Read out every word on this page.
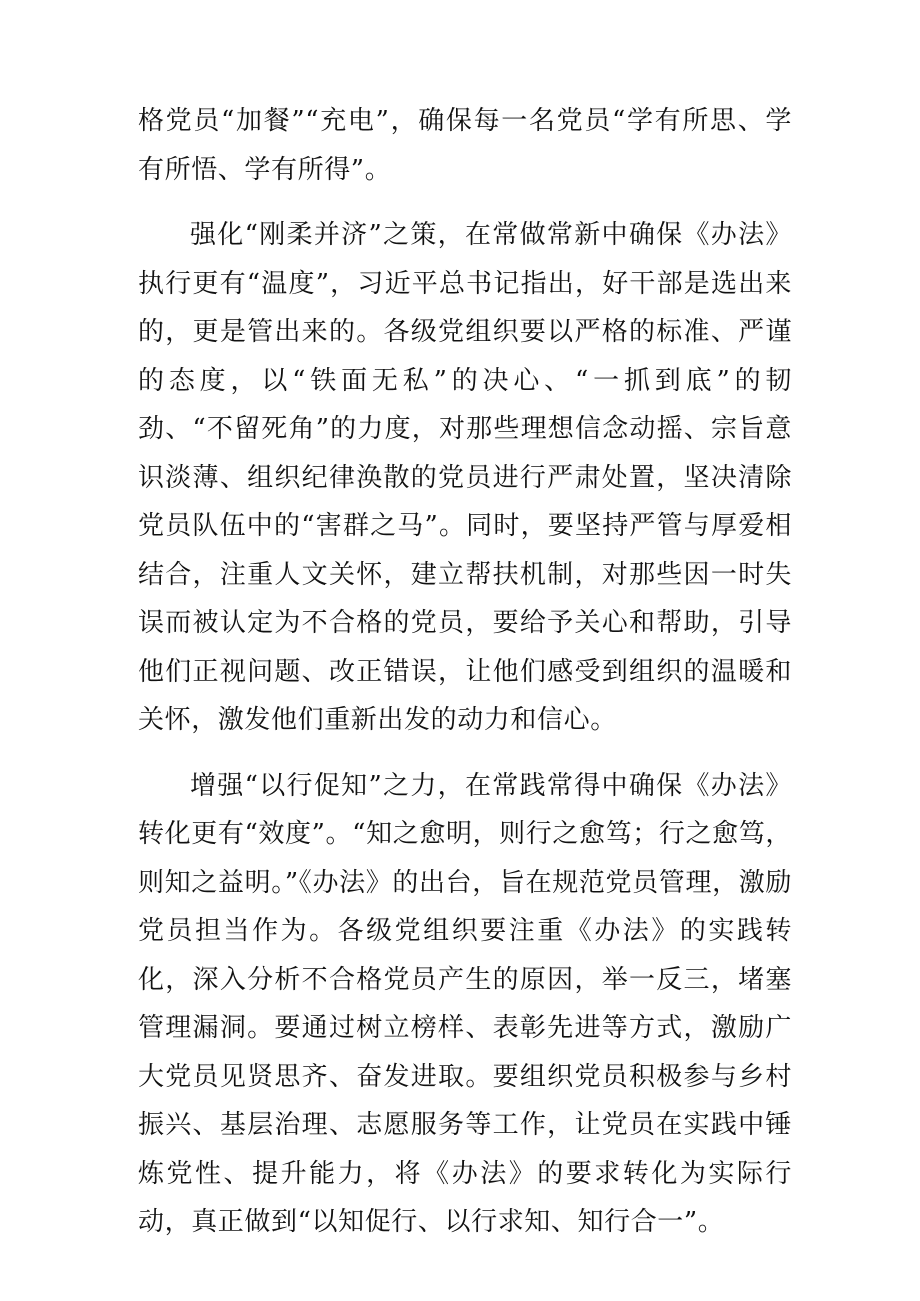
格党员“加餐”“充电”，确保每一名党员“学有所思、学有所悟、学有所得”。

强化“刚柔并济”之策，在常做常新中确保《办法》执行更有“温度”，习近平总书记指出，好干部是选出来的，更是管出来的。各级党组织要以严格的标准、严谨的态度，以“铁面无私”的决心、“一抓到底”的韧劲、“不留死角”的力度，对那些理想信念动摇、宗旨意识淡薄、组织纪律涣散的党员进行严肃处置，坚决清除党员队伍中的“害群之马”。同时，要坚持严管与厚爱相结合，注重人文关怀，建立帮扶机制，对那些因一时失误而被认定为不合格的党员，要给予关心和帮助，引导他们正视问题、改正错误，让他们感受到组织的温暖和关怀，激发他们重新出发的动力和信心。

增强“以行促知”之力，在常践常得中确保《办法》转化更有“效度”。“知之愈明，则行之愈笃；行之愈笃，则知之益明。”《办法》的出台，旨在规范党员管理，激励党员担当作为。各级党组织要注重《办法》的实践转化，深入分析不合格党员产生的原因，举一反三，堵塞管理漏洞。要通过树立榜样、表彰先进等方式，激励广大党员见贤思齐、奋发进取。要组织党员积极参与乡村振兴、基层治理、志愿服务等工作，让党员在实践中锤炼党性、提升能力，将《办法》的要求转化为实际行动，真正做到“以知促行、以行求知、知行合一”。
